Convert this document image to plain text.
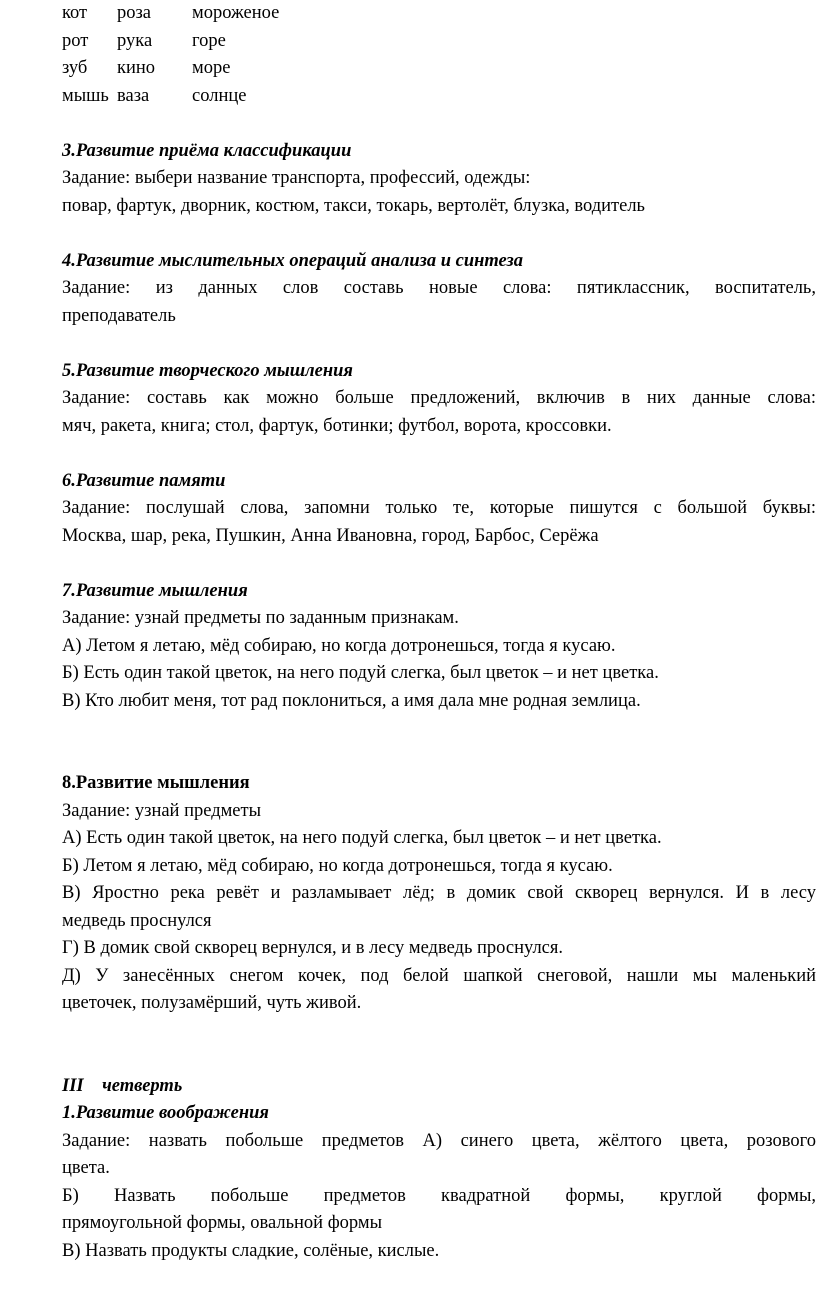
кот	роза	мороженое
рот	рука	горе
зуб	кино	море
мышь ваза	солнце

3.Развитие приёма классификации

Задание: выбери название транспорта, профессий, одежды:

повар, фартук, дворник, костюм, такси, токарь, вертолёт, блузка, водитель

4.Развитие мыслительных операций анализа и синтеза

Задание: из данных слов составь новые слова: пятиклассник, воспитатель,

преподаватель

5.Развитие творческого мышления

Задание: составь как можно больше предложений, включив в них данные слова:

мяч, ракета, книга; стол, фартук, ботинки; футбол, ворота, кроссовки.

6.Развитие памяти

Задание: послушай слова, запомни только те, которые пишутся с большой буквы:

Москва, шар, река, Пушкин, Анна Ивановна, город, Барбос, Серёжа

7.Развитие мышления

Задание: узнай предметы по заданным признакам.

А) Летом я летаю, мёд собираю, но когда дотронешься, тогда я кусаю.

Б) Есть один такой цветок, на него подуй слегка, был цветок – и нет цветка.

В) Кто любит меня, тот рад поклониться, а имя дала мне родная землица.

8.Развитие мышления

Задание: узнай предметы

А) Есть один такой цветок, на него подуй слегка, был цветок – и нет цветка.

Б) Летом я летаю, мёд собираю, но когда дотронешься, тогда я кусаю.

В) Яростно река ревёт и разламывает лёд; в домик свой скворец вернулся. И в лесу

медведь проснулся

Г) В домик свой скворец вернулся, и в лесу медведь проснулся.

Д) У занесённых снегом кочек, под белой шапкой снеговой, нашли мы маленький

цветочек, полузамёрший, чуть живой.

III    четверть

1.Развитие воображения

Задание: назвать побольше предметов А) синего цвета, жёлтого цвета, розового

цвета.

Б) Назвать побольше предметов квадратной формы, круглой формы,

прямоугольной формы, овальной формы

В) Назвать продукты сладкие, солёные, кислые.
